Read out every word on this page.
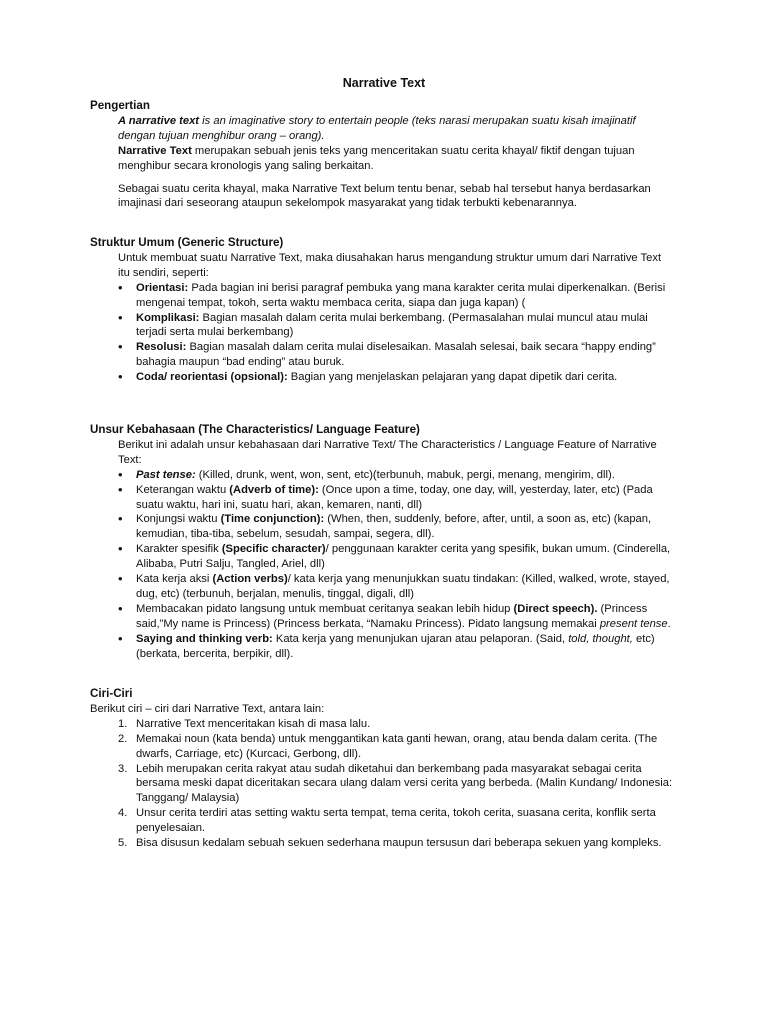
Narrative Text
Pengertian

A narrative text is an imaginative story to entertain people (teks narasi merupakan suatu kisah imajinatif dengan tujuan menghibur orang – orang).

Narrative Text merupakan sebuah jenis teks yang menceritakan suatu cerita khayal/ fiktif dengan tujuan menghibur secara kronologis yang saling berkaitan.

Sebagai suatu cerita khayal, maka Narrative Text belum tentu benar, sebab hal tersebut hanya berdasarkan imajinasi dari seseorang ataupun sekelompok masyarakat yang tidak terbukti kebenarannya.

Struktur Umum (Generic Structure)

Untuk membuat suatu Narrative Text, maka diusahakan harus mengandung struktur umum dari Narrative Text itu sendiri, seperti:

• Orientasi: Pada bagian ini berisi paragraf pembuka yang mana karakter cerita mulai diperkenalkan. (Berisi mengenai tempat, tokoh, serta waktu membaca cerita, siapa dan juga kapan) (
• Komplikasi: Bagian masalah dalam cerita mulai berkembang. (Permasalahan mulai muncul atau mulai terjadi serta mulai berkembang)
• Resolusi: Bagian masalah dalam cerita mulai diselesaikan. Masalah selesai, baik secara “happy ending” bahagia maupun “bad ending” atau buruk.
• Coda/ reorientasi (opsional): Bagian yang menjelaskan pelajaran yang dapat dipetik dari cerita.
Unsur Kebahasaan (The Characteristics/ Language Feature)

Berikut ini adalah unsur kebahasaan dari Narrative Text/ The Characteristics / Language Feature of Narrative Text:

• Past tense: (Killed, drunk, went, won, sent, etc)(terbunuh, mabuk, pergi, menang, mengirim, dll).
• Keterangan waktu (Adverb of time): (Once upon a time, today, one day, will, yesterday, later, etc) (Pada suatu waktu, hari ini, suatu hari, akan, kemaren, nanti, dll)
• Konjungsi waktu (Time conjunction): (When, then, suddenly, before, after, until, a soon as, etc) (kapan, kemudian, tiba-tiba, sebelum, sesudah, sampai, segera, dll).
• Karakter spesifik (Specific character)/ penggunaan karakter cerita yang spesifik, bukan umum. (Cinderella, Alibaba, Putri Salju, Tangled, Ariel, dll)
• Kata kerja aksi (Action verbs)/ kata kerja yang menunjukkan suatu tindakan: (Killed, walked, wrote, stayed, dug, etc) (terbunuh, berjalan, menulis, tinggal, digali, dll)
• Membacakan pidato langsung untuk membuat ceritanya seakan lebih hidup (Direct speech). (Princess said,”My name is Princess) (Princess berkata, “Namaku Princess). Pidato langsung memakai present tense.
• Saying and thinking verb: Kata kerja yang menunjukan ujaran atau pelaporan. (Said, told, thought, etc) (berkata, bercerita, berpikir, dll).
Ciri-Ciri

Berikut ciri – ciri dari Narrative Text, antara lain:

1. Narrative Text menceritakan kisah di masa lalu.
2. Memakai noun (kata benda) untuk menggantikan kata ganti hewan, orang, atau benda dalam cerita. (The dwarfs, Carriage, etc) (Kurcaci, Gerbong, dll).
3. Lebih merupakan cerita rakyat atau sudah diketahui dan berkembang pada masyarakat sebagai cerita bersama meski dapat diceritakan secara ulang dalam versi cerita yang berbeda. (Malin Kundang/ Indonesia: Tanggang/ Malaysia)
4. Unsur cerita terdiri atas setting waktu serta tempat, tema cerita, tokoh cerita, suasana cerita, konflik serta penyelesaian.
5. Bisa disusun kedalam sebuah sekuen sederhana maupun tersusun dari beberapa sekuen yang kompleks.
